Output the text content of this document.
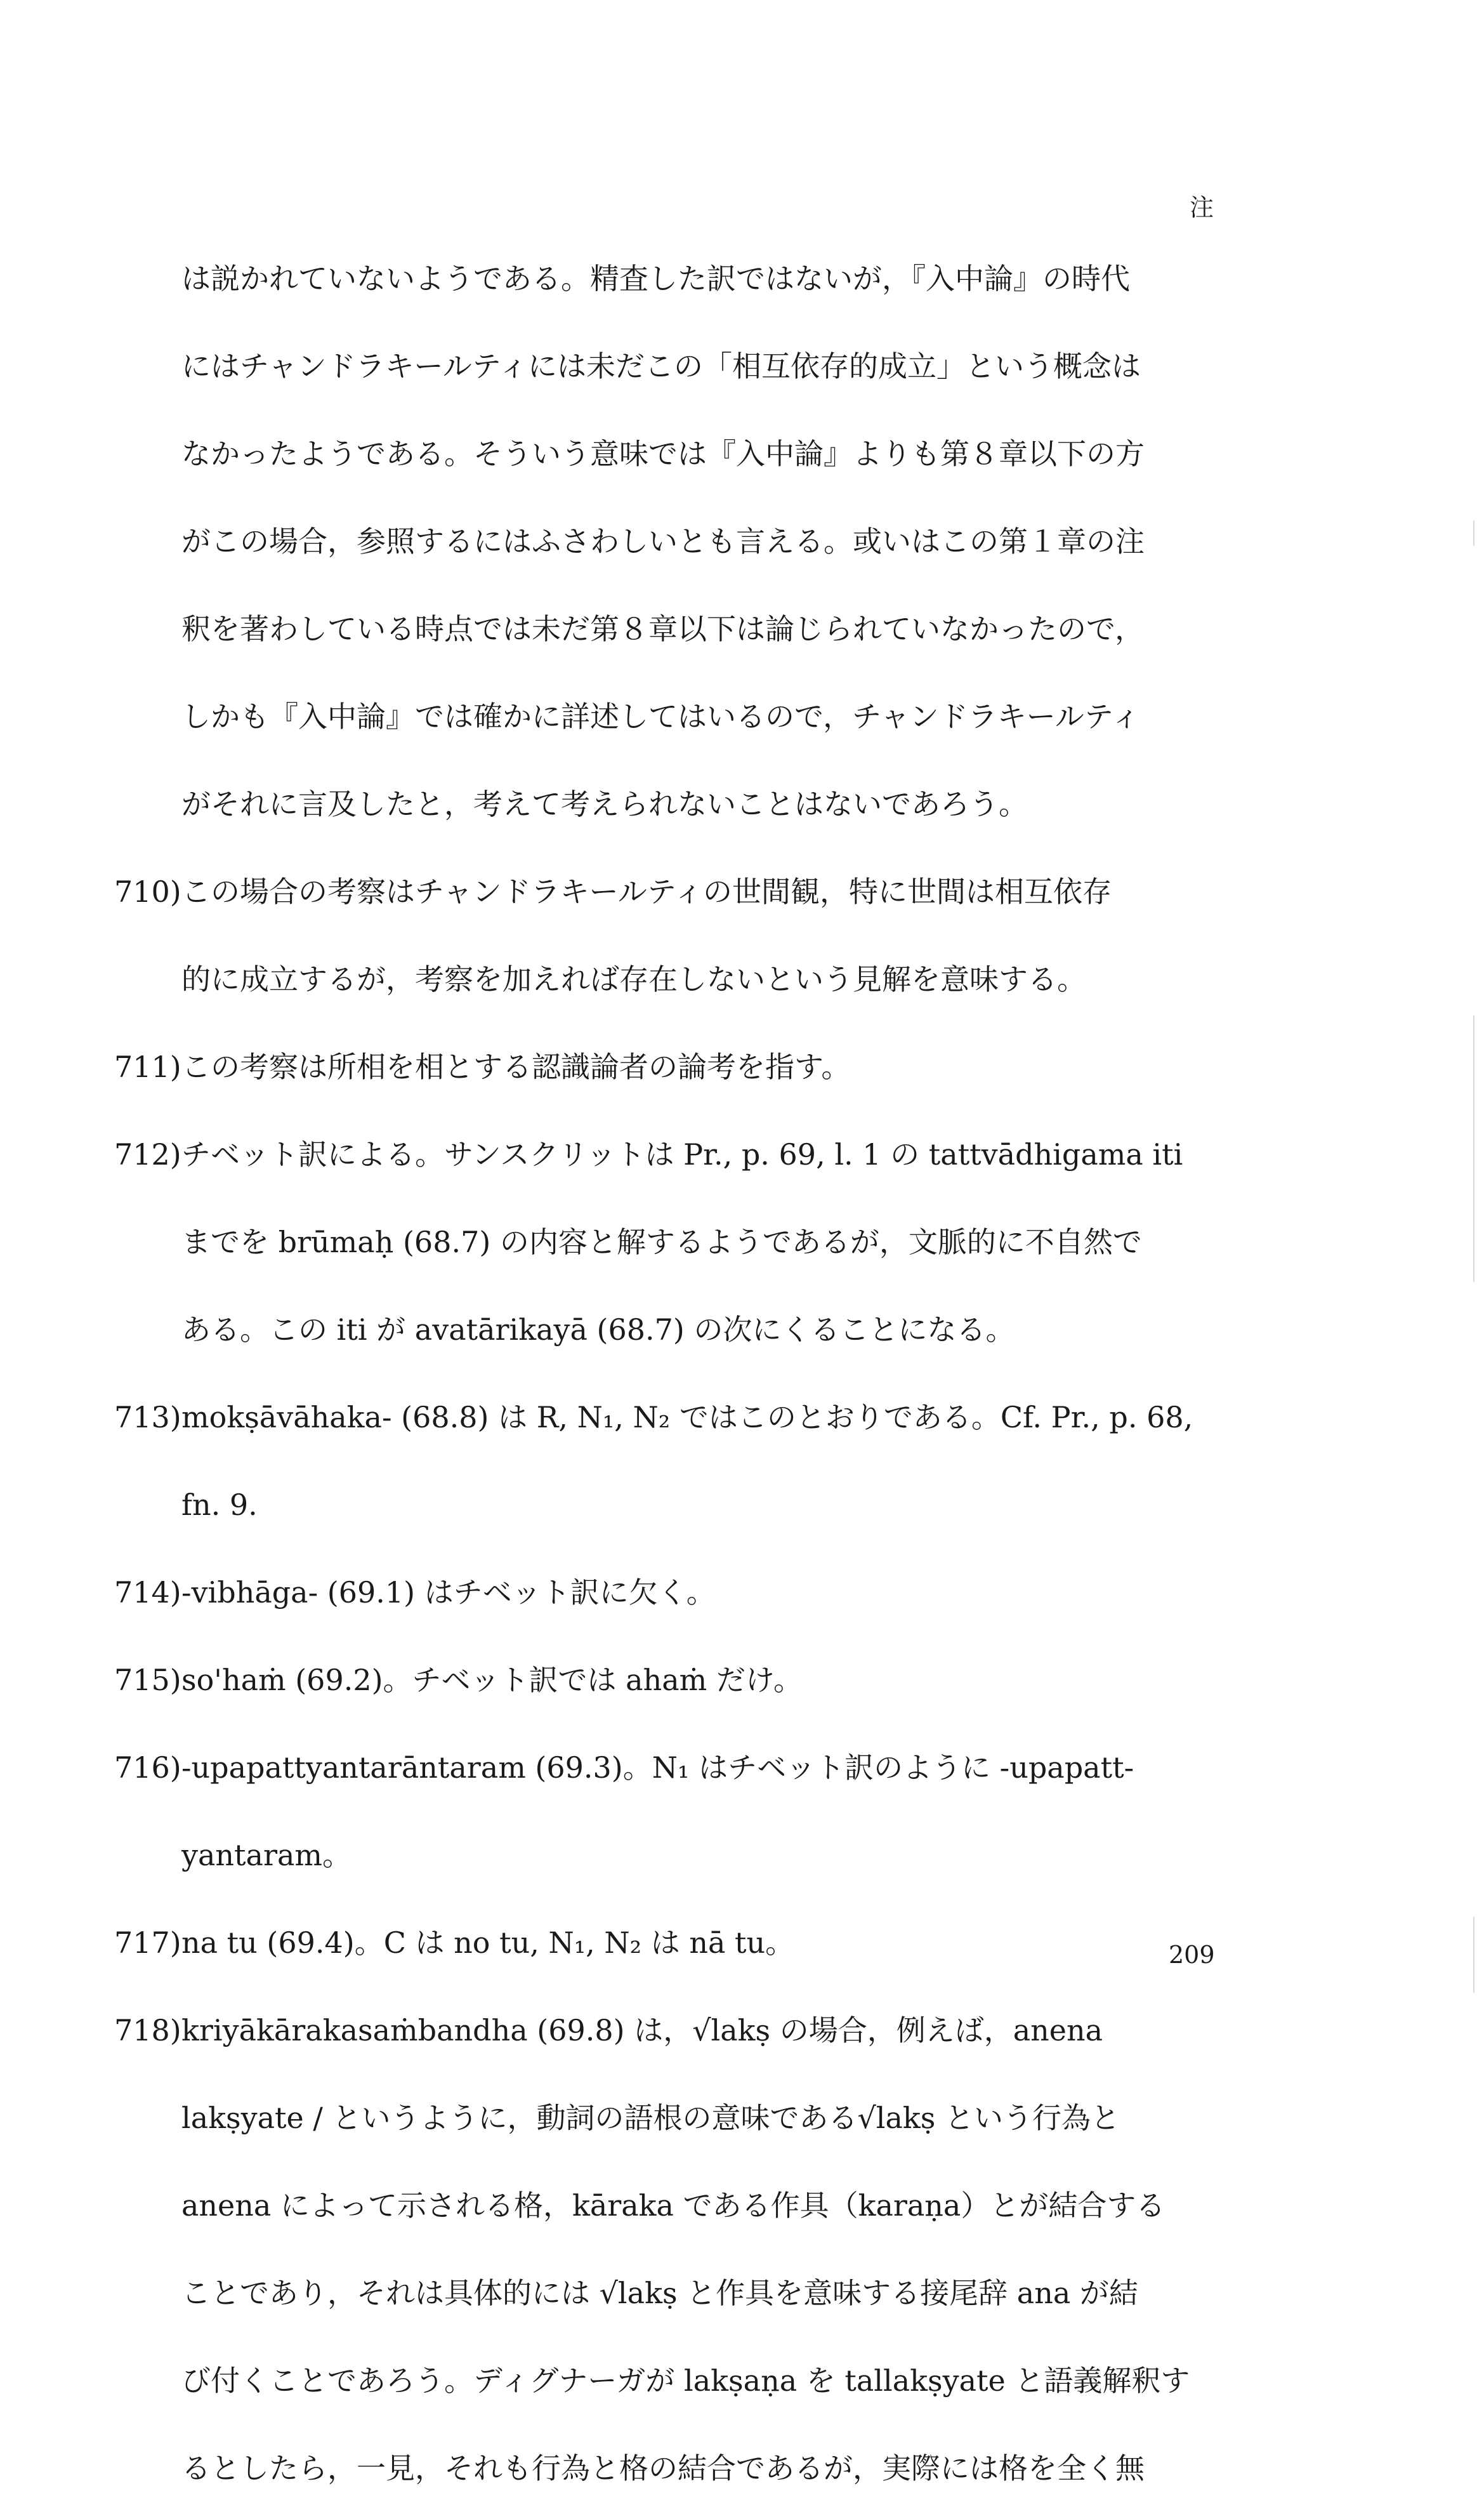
注
は説かれていないようである。精査した訳ではないが，『入中論』の時代
にはチャンドラキールティには未だこの「相互依存的成立」という概念は
なかったようである。そういう意味では『入中論』よりも第８章以下の方
がこの場合，参照するにはふさわしいとも言える。或いはこの第１章の注
釈を著わしている時点では未だ第８章以下は論じられていなかったので，
しかも『入中論』では確かに詳述してはいるので，チャンドラキールティ
がそれに言及したと，考えて考えられないことはないであろう。
710) この場合の考察はチャンドラキールティの世間観，特に世間は相互依存
的に成立するが，考察を加えれば存在しないという見解を意味する。
711) この考察は所相を相とする認識論者の論考を指す。
712) チベット訳による。サンスクリットは Pr., p. 69, l. 1 の tattvādhigama iti
までを brūmaḥ (68.7) の内容と解するようであるが，文脈的に不自然で
ある。この iti が avatārikayā (68.7) の次にくることになる。
713) mokṣāvāhaka- (68.8) は R, N₁, N₂ ではこのとおりである。Cf. Pr., p. 68,
fn. 9.
714) -vibhāga- (69.1) はチベット訳に欠く。
715) so'haṁ (69.2)。チベット訳では ahaṁ だけ。
716) -upapattyantarāntaram (69.3)。N₁ はチベット訳のように -upapatt-
yantaram。
717) na tu (69.4)。C は no tu, N₁, N₂ は nā tu。
718) kriyākārakasaṁbandha (69.8) は，√lakṣ の場合，例えば，anena
lakṣyate / というように，動詞の語根の意味である√lakṣ という行為と
anena によって示される格，kāraka である作具（karaṇa）とが結合する
ことであり，それは具体的には √lakṣ と作具を意味する接尾辞 ana が結
び付くことであろう。ディグナーガが lakṣaṇa を tallakṣyate と語義解釈す
るとしたら，一見，それも行為と格の結合であるが，実際には格を全く無
209
